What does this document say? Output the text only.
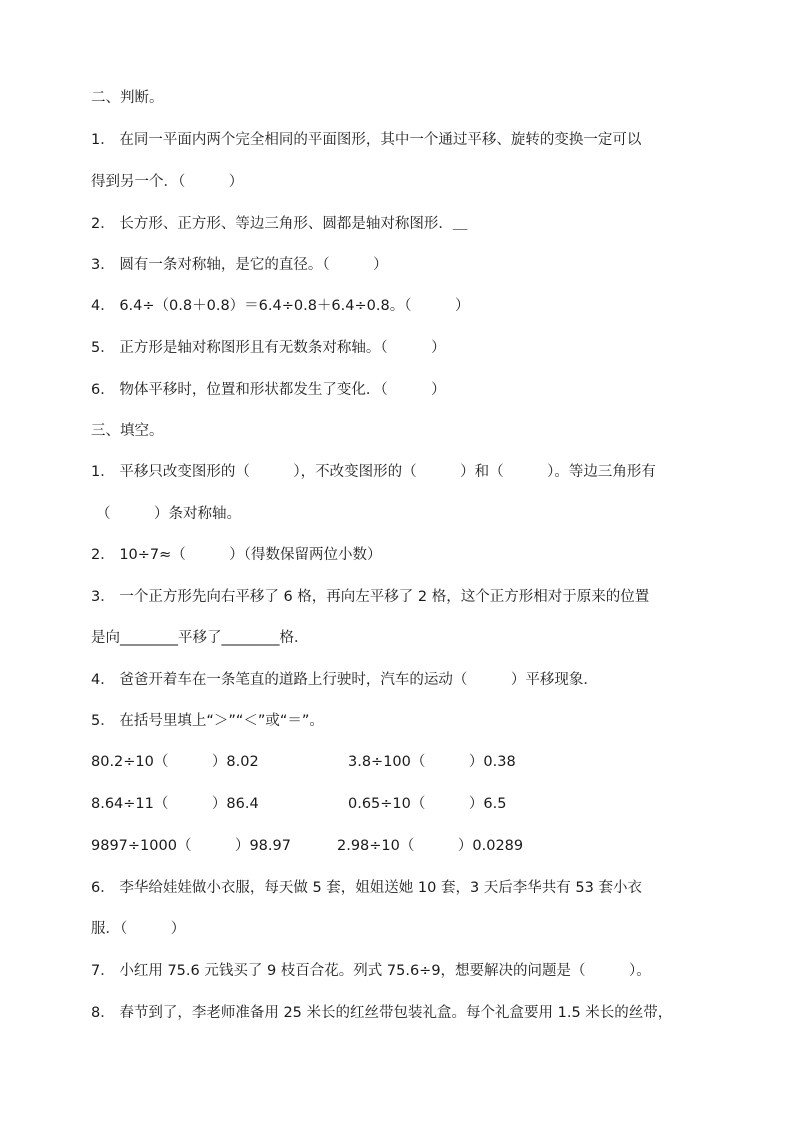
二、判断。
1． 在同一平面内两个完全相同的平面图形，其中一个通过平移、旋转的变换一定可以
得到另一个．（　　　）
2． 长方形、正方形、等边三角形、圆都是轴对称图形．＿
3． 圆有一条对称轴，是它的直径。（　　　）
4． 6.4÷（0.8＋0.8）＝6.4÷0.8＋6.4÷0.8。（　　　）
5． 正方形是轴对称图形且有无数条对称轴。（　　　）
6． 物体平移时，位置和形状都发生了变化．（　　　）
三、填空。
1． 平移只改变图形的（　　　），不改变图形的（　　　）和（　　　）。等边三角形有
（　　　）条对称轴。
2． 10÷7≈（　　　）（得数保留两位小数）
3． 一个正方形先向右平移了 6 格，再向左平移了 2 格，这个正方形相对于原来的位置
是向________平移了________格．
4． 爸爸开着车在一条笔直的道路上行驶时，汽车的运动（　　　）平移现象．
5． 在括号里填上“＞”“＜”或“＝”。
80.2÷10（　　　）8.02	3.8÷100（　　　）0.38
8.64÷11（　　　）86.4	0.65÷10（　　　）6.5
9897÷1000（　　　）98.97	2.98÷10（　　　）0.0289
6． 李华给娃娃做小衣服，每天做 5 套，姐姐送她 10 套，3 天后李华共有 53 套小衣
服．（　　　）
7． 小红用 75.6 元钱买了 9 枝百合花。列式 75.6÷9，想要解决的问题是（　　　）。
8． 春节到了，李老师准备用 25 米长的红丝带包装礼盒。每个礼盒要用 1.5 米长的丝带，
